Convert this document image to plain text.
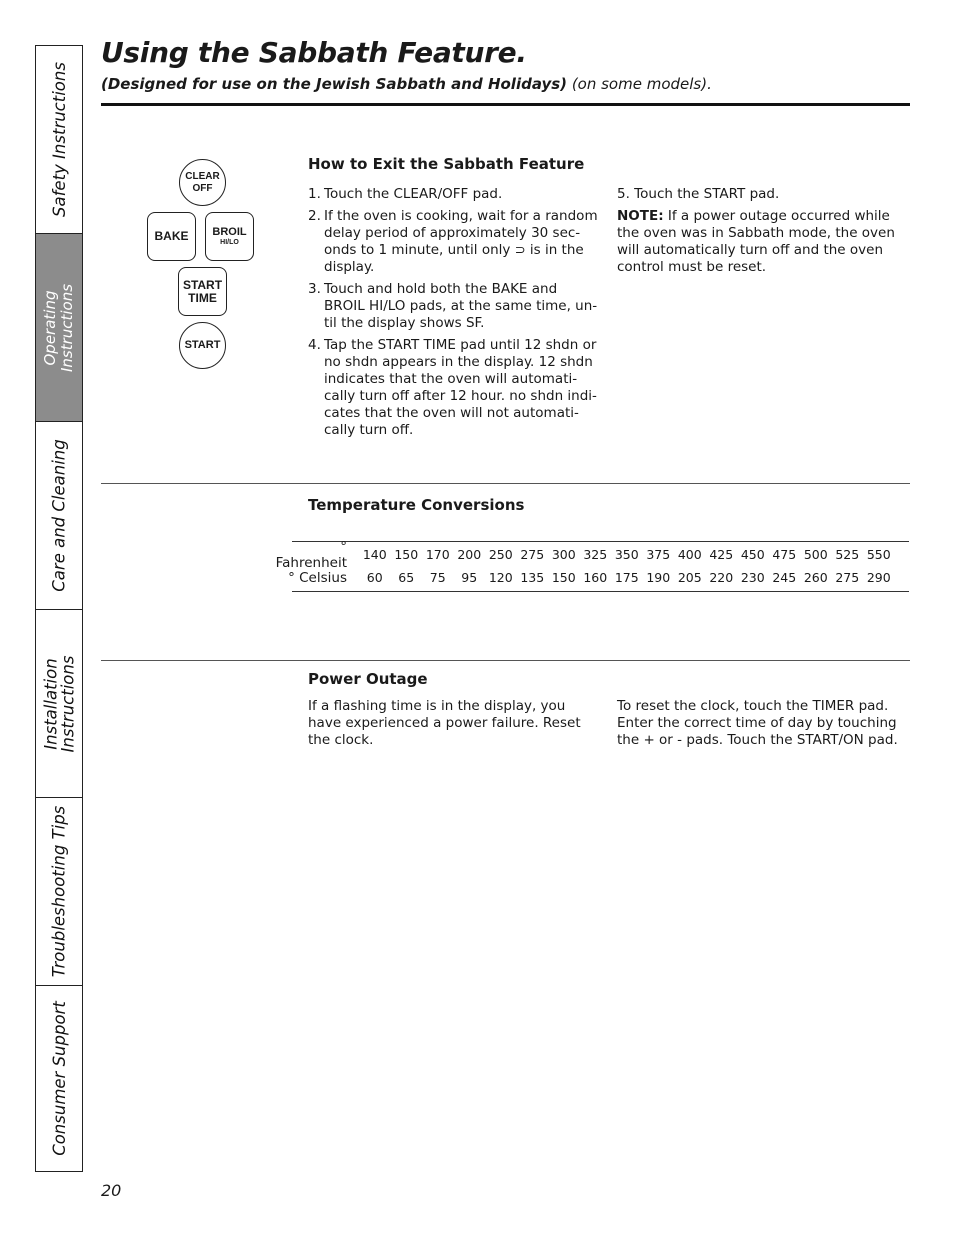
Safety Instructions
Operating Instructions
Care and Cleaning
Installation
Instructions
Troubleshooting Tips
Consumer Support
Using the Sabbath Feature.
(Designed for use on the Jewish Sabbath and Holidays) (on some models).
CLEAR
OFF
BAKE BROIL
HI/LO
START
TIME
START
How to Exit the Sabbath Feature
1. Touch the CLEAR/OFF pad.
2. If the oven is cooking, wait for a random delay period of approximately 30 sec-onds to 1 minute, until only ⊃ is in the display.
3. Touch and hold both the BAKE and BROIL HI/LO pads, at the same time, un-til the display shows SF.
4. Tap the START TIME pad until 12 shdn or no shdn appears in the display. 12 shdn indicates that the oven will automati-cally turn off after 12 hour. no shdn indi-cates that the oven will not automati-cally turn off.

5. Touch the START pad.

NOTE: If a power outage occurred while the oven was in Sabbath mode, the oven will automatically turn off and the oven control must be reset.

Temperature Conversions
° Fahrenheit	140 150 170 200 250 275 300 325 350 375 400 425 450 475 500 525 550
° Celsius	60	65	75	95 120 135 150 160 175 190 205 220 230 245 260 275 290
Power Outage
If a flashing time is in the display, you have experienced a power failure. Reset the clock.
To reset the clock, touch the TIMER pad. Enter the correct time of day by touching the + or - pads. Touch the START/ON pad.
20
